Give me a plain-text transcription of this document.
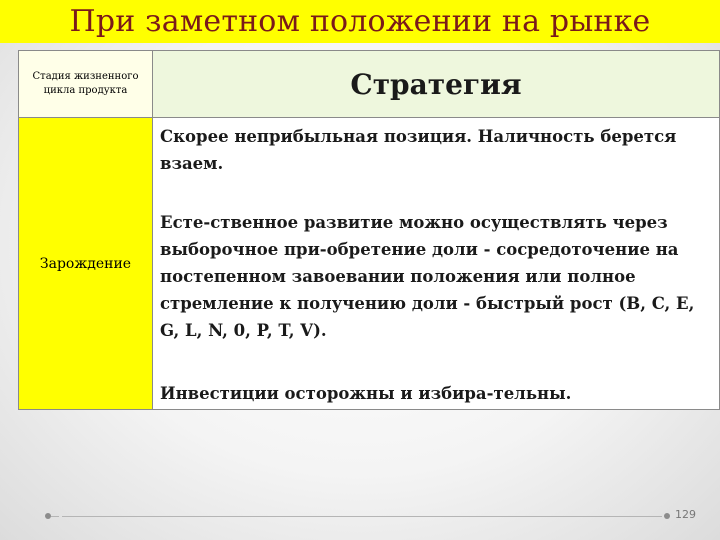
При заметном положении на рынке
Стадия жизненного цикла продукта	Стратегия
Зарождение
Скорее неприбыльная позиция. Наличность берется взаем.
Есте-ственное развитие можно осуществлять через выборочное при-обретение доли - сосредоточение на постепенном завоевании положения или полное стремление к получению доли - быстрый рост (B, C, E, G, L, N, 0, P, T, V).
Инвестиции осторожны и избира-тельны.
129
